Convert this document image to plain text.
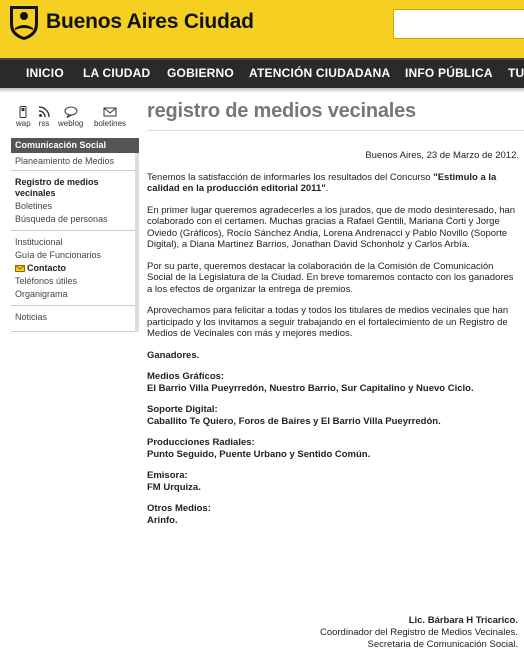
Buenos Aires Ciudad
INICIO LA CIUDAD GOBIERNO ATENCIÓN CIUDADANA INFO PÚBLICA TU
wap rss weblog boletines
Comunicación Social
Planeamiento de Medios
Registro de medios vecinales
Boletines
Búsqueda de personas
Institucional
Guía de Funcionarios
Contacto
Teléfonos útiles
Organigrama
Noticias
registro de medios vecinales

Buenos Aires, 23 de Marzo de 2012.

Tenemos la satisfacción de informarles los resultados del Concurso "Estimulo a la calidad en la producción editorial 2011".

En primer lugar queremos agradecerles a los jurados, que de modo desinteresado, han colaborado con el certamen. Muchas gracias a Rafael Gentili, Mariana Corti y Jorge Oviedo (Gráficos), Rocío Sánchez Andía, Lorena Andrenacci y Pablo Novillo (Soporte Digital), a Diana Martinez Barrios, Jonathan David Schonholz y Carlos Arbía.

Por su parte, queremos destacar la colaboración de la Comisión de Comunicación Social de la Legislatura de la Ciudad. En breve tomaremos contacto con los ganadores a los efectos de organizar la entrega de premios.

Aprovechamos para felicitar a todas y todos los titulares de medios vecinales que han participado y los invitamos a seguir trabajando en el fortalecimiento de un Registro de Medios de Vecinales con más y mejores medios.

Ganadores.

Medios Gráficos:
El Barrio Villa Pueyrredón, Nuestro Barrio, Sur Capitalino y Nuevo Ciclo.

Soporte Digital:
Caballito Te Quiero, Foros de Baires y El Barrio Villa Pueyrredón.

Producciones Radiales:
Punto Seguido, Puente Urbano y Sentido Común.

Emisora:
FM Urquiza.

Otros Medios:
Arinfo.

Lic. Bárbara H Tricarico.
Coordinador del Registro de Medios Vecinales.
Secretaria de Comunicación Social.
